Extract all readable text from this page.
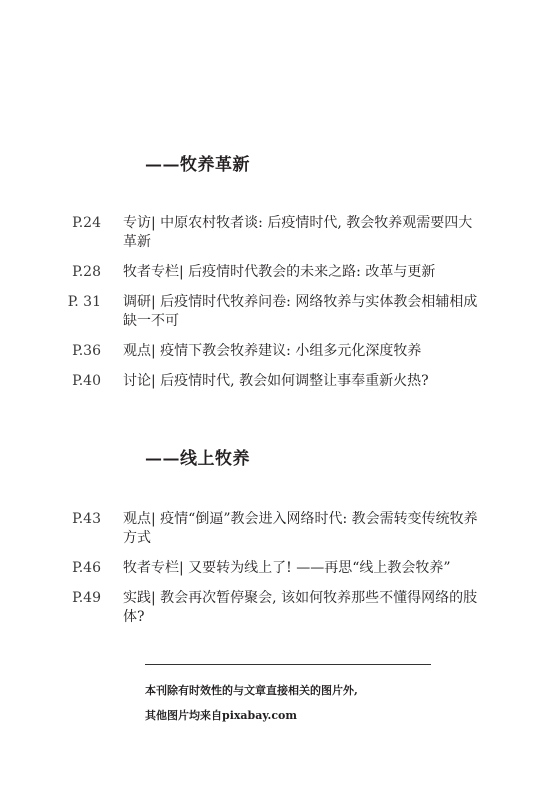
——牧养革新
P.24	专访| 中原农村牧者谈: 后疫情时代, 教会牧养观需要四大革新
P.28	牧者专栏| 后疫情时代教会的未来之路: 改革与更新
P. 31	调研| 后疫情时代牧养问卷: 网络牧养与实体教会相辅相成 缺一不可
P.36	观点| 疫情下教会牧养建议: 小组多元化深度牧养
P.40	讨论| 后疫情时代, 教会如何调整让事奉重新火热?
——线上牧养
P.43	观点| 疫情“倒逼”教会进入网络时代: 教会需转变传统牧养方式
P.46	牧者专栏| 又要转为线上了! ——再思“线上教会牧养”
P.49	实践| 教会再次暂停聚会, 该如何牧养那些不懂得网络的肢体?
本刊除有时效性的与文章直接相关的图片外,
其他图片均来自pixabay.com
